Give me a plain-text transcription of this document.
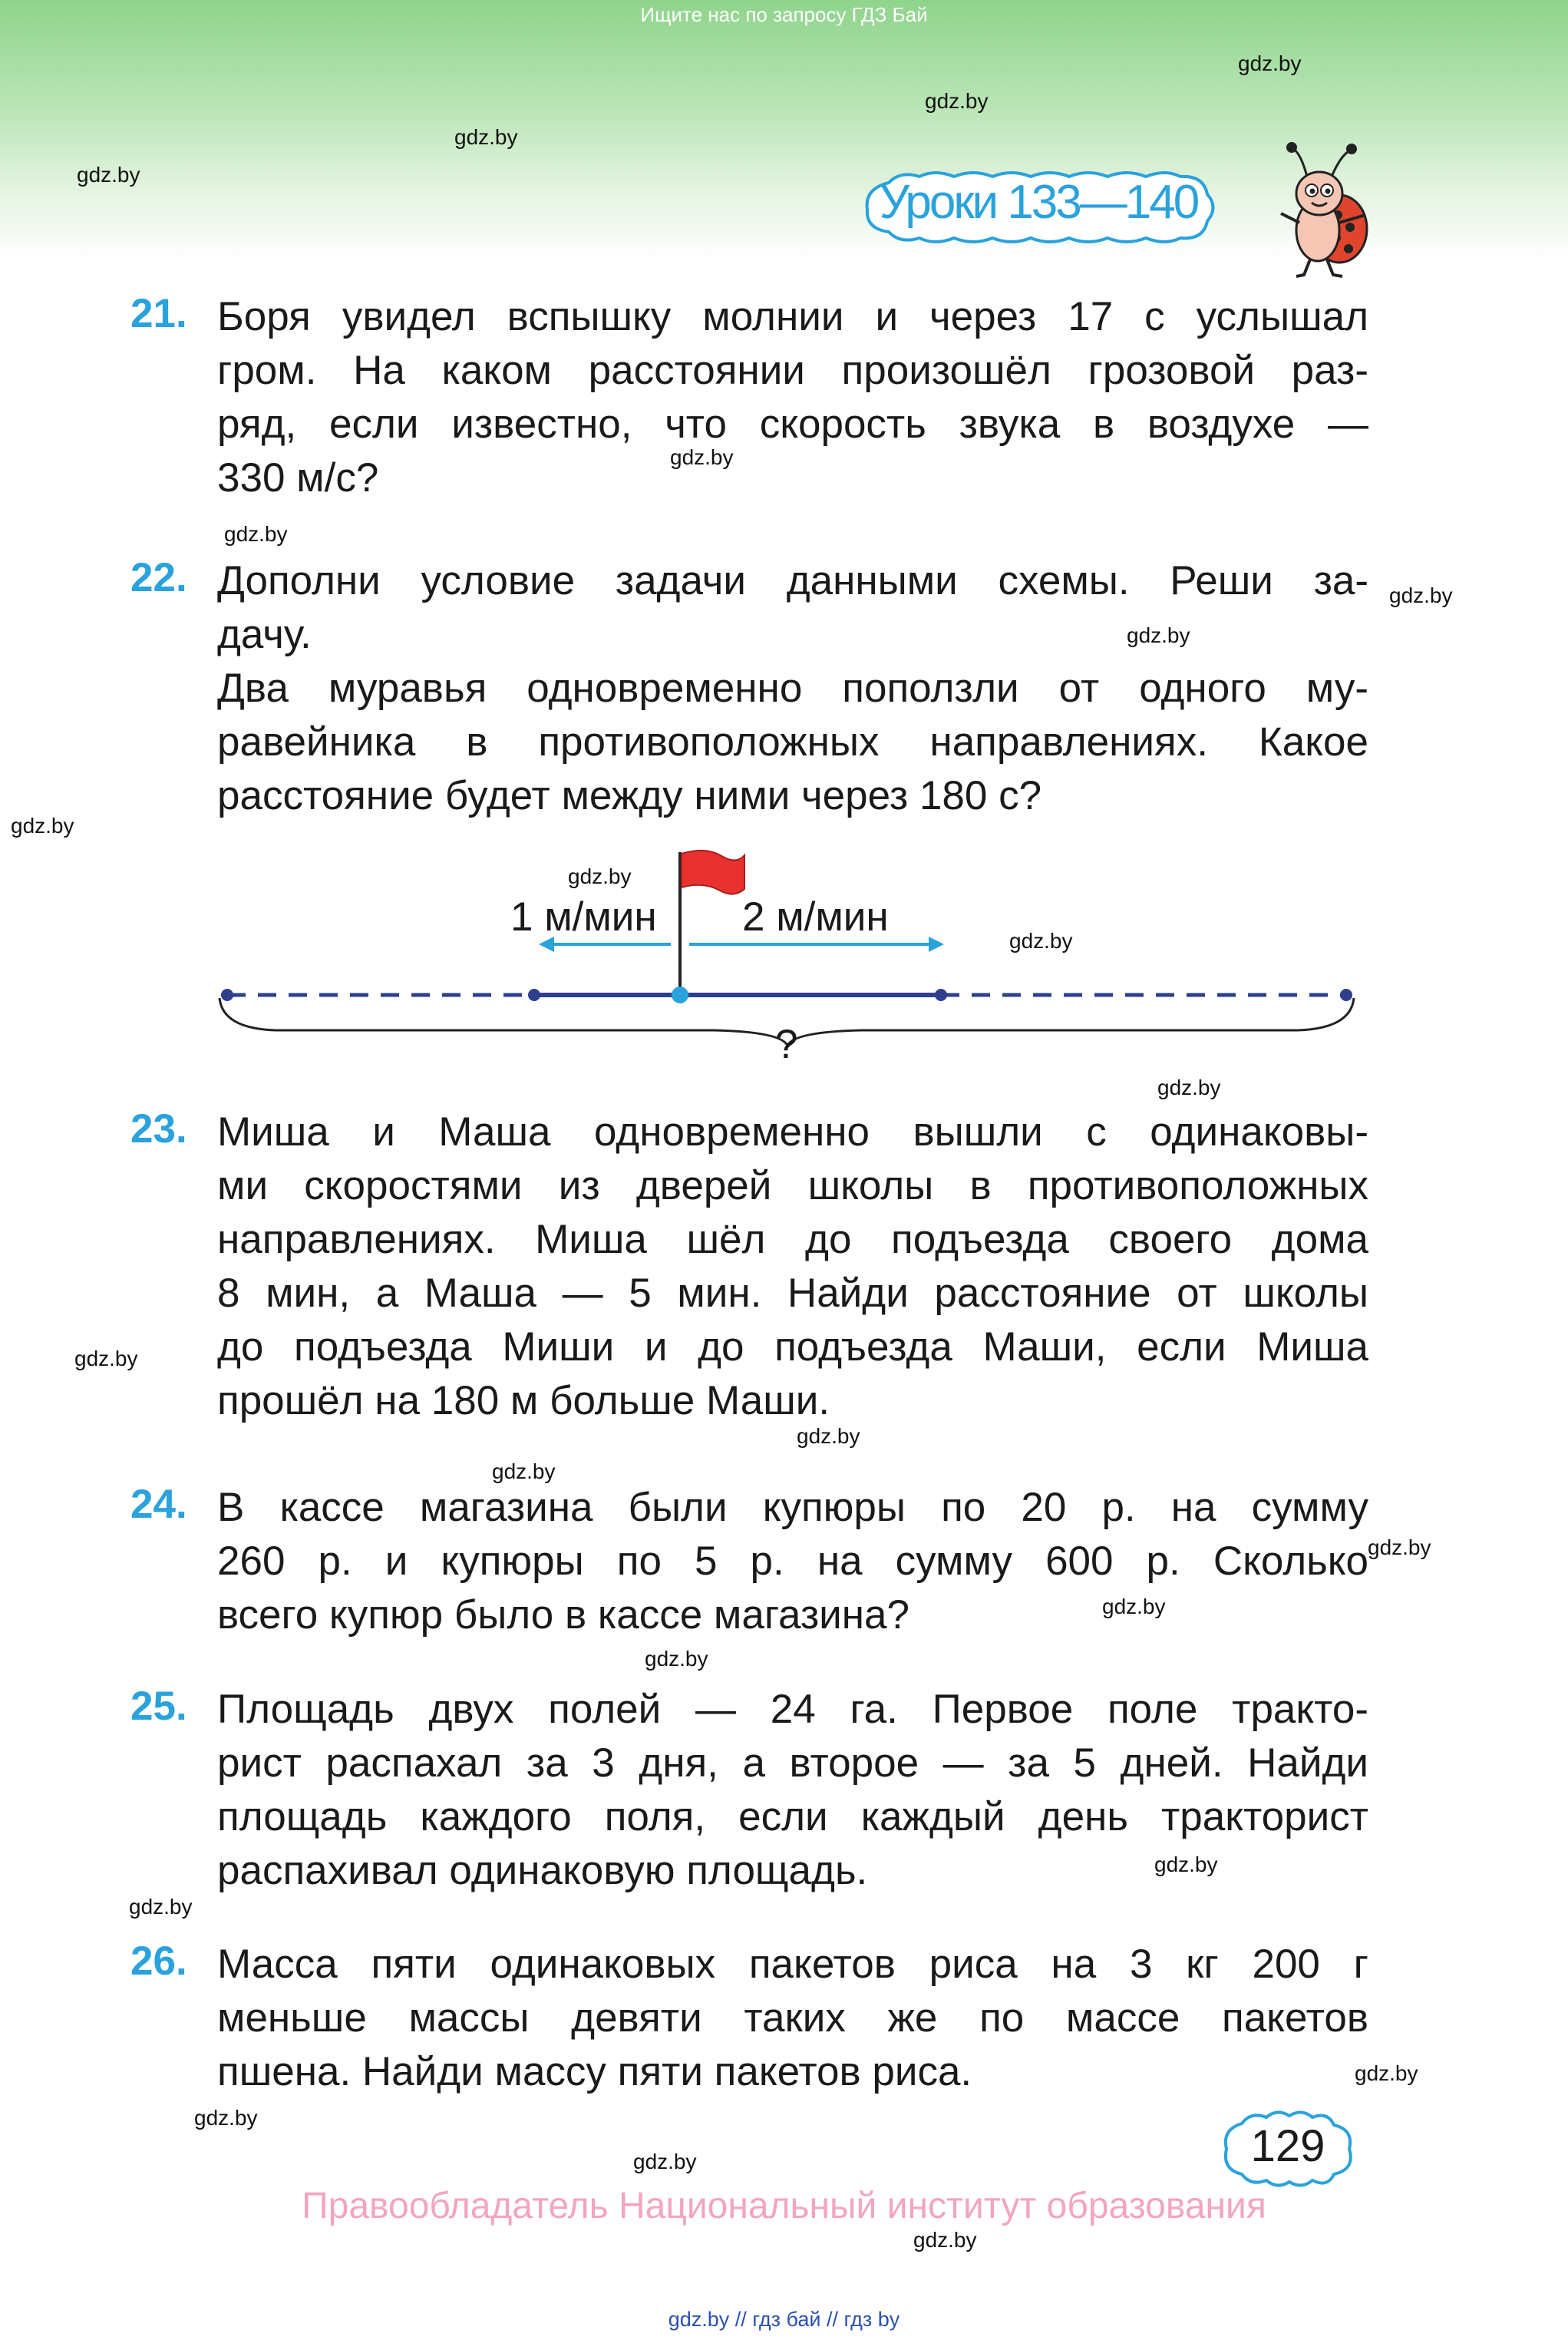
Ищите нас по запросу ГДЗ Бай
Уроки 133—140
gdz.by
gdz.by
gdz.by
gdz.by
gdz.by
gdz.by
gdz.by
gdz.by
gdz.by
gdz.by
gdz.by
gdz.by
gdz.by
gdz.by
gdz.by
gdz.by
gdz.by
gdz.by
gdz.by
gdz.by
gdz.by
gdz.by
gdz.by
gdz.by
21. Боря увидел вспышку молнии и через 17 с услышал
гром. На каком расстоянии произошёл грозовой раз-
ряд, если известно, что скорость звука в воздухе —
330 м/с?
22. Дополни условие задачи данными схемы. Реши за-
дачу.
Два муравья одновременно поползли от одного му-
равейника в противоположных направлениях. Какое
расстояние будет между ними через 180 с?
1 м/мин 2 м/мин
?
23. Миша и Маша одновременно вышли с одинаковы-
ми скоростями из дверей школы в противоположных
направлениях. Миша шёл до подъезда своего дома
8 мин, а Маша — 5 мин. Найди расстояние от школы
до подъезда Миши и до подъезда Маши, если Миша
прошёл на 180 м больше Маши.
24. В кассе магазина были купюры по 20 р. на сумму
260 р. и купюры по 5 р. на сумму 600 р. Сколько
всего купюр было в кассе магазина?
25. Площадь двух полей — 24 га. Первое поле тракто-
рист распахал за 3 дня, а второе — за 5 дней. Найди
площадь каждого поля, если каждый день тракторист
распахивал одинаковую площадь.
26. Масса пяти одинаковых пакетов риса на 3 кг 200 г
меньше массы девяти таких же по массе пакетов
пшена. Найди массу пяти пакетов риса.
129
Правообладатель Национальный институт образования
gdz.by // гдз бай // гдз by
